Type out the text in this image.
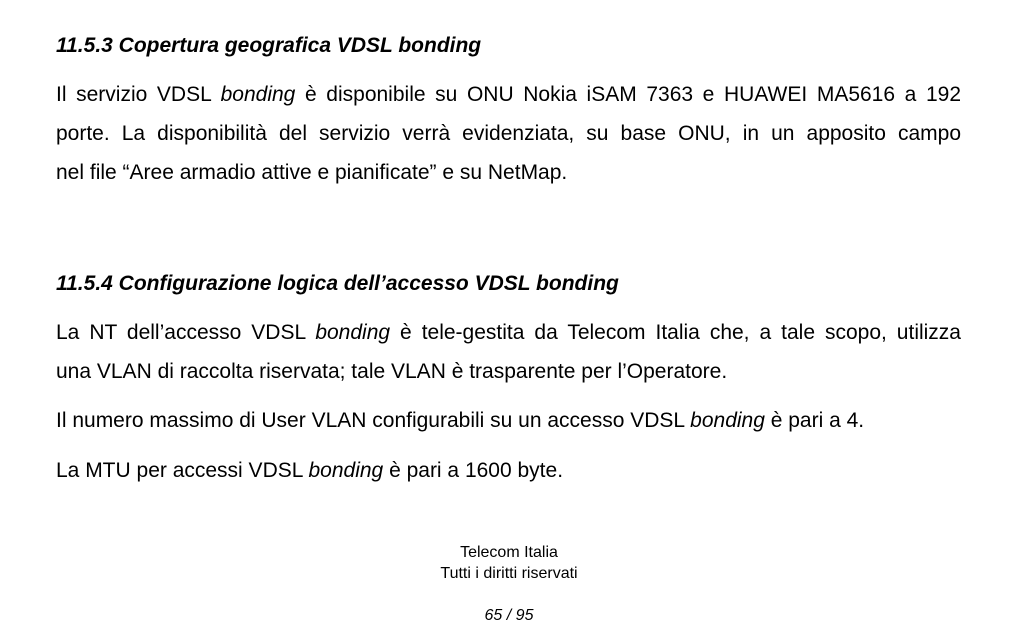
11.5.3 Copertura geografica VDSL bonding
Il servizio VDSL bonding è disponibile su ONU Nokia iSAM 7363 e HUAWEI MA5616 a 192
porte. La disponibilità del servizio verrà evidenziata, su base ONU, in un apposito campo
nel file “Aree armadio attive e pianificate” e su NetMap.
11.5.4 Configurazione logica dell’accesso VDSL bonding
La NT dell’accesso VDSL bonding è tele-gestita da Telecom Italia che, a tale scopo, utilizza
una VLAN di raccolta riservata; tale VLAN è trasparente per l’Operatore.
Il numero massimo di User VLAN configurabili su un accesso VDSL bonding è pari a 4.
La MTU per accessi VDSL bonding è pari a 1600 byte.
Telecom Italia
Tutti i diritti riservati
65 / 95
